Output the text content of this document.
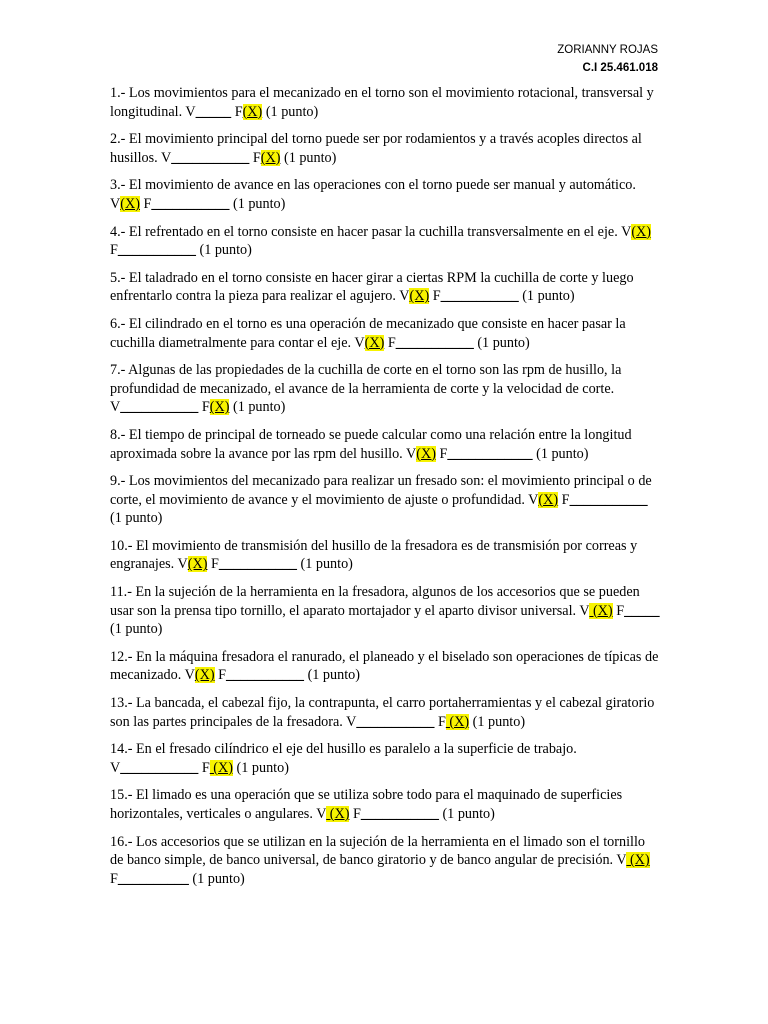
ZORIANNY ROJAS
C.I 25.461.018

1.- Los movimientos para el mecanizado en el torno son el movimiento rotacional, transversal y longitudinal. V_____ F(X) (1 punto)

2.- El movimiento principal del torno puede ser por rodamientos y a través acoples directos al husillos. V___________ F(X) (1 punto)

3.- El movimiento de avance en las operaciones con el torno puede ser manual y automático. V(X) F___________ (1 punto)

4.- El refrentado en el torno consiste en hacer pasar la cuchilla transversalmente en el eje. V(X) F___________ (1 punto)

5.- El taladrado en el torno consiste en hacer girar a ciertas RPM la cuchilla de corte y luego enfrentarlo contra la pieza para realizar el agujero. V(X) F___________ (1 punto)

6.- El cilindrado en el torno es una operación de mecanizado que consiste en hacer pasar la cuchilla diametralmente para contar el eje. V(X) F___________ (1 punto)

7.- Algunas de las propiedades de la cuchilla de corte en el torno son las rpm de husillo, la profundidad de mecanizado, el avance de la herramienta de corte y la velocidad de corte. V___________ F(X) (1 punto)

8.- El tiempo de principal de torneado se puede calcular como una relación entre la longitud aproximada sobre la avance por las rpm del husillo. V(X) F____________ (1 punto)

9.- Los movimientos del mecanizado para realizar un fresado son: el movimiento principal o de corte, el movimiento de avance y el movimiento de ajuste o profundidad. V(X) F___________ (1 punto)

10.- El movimiento de transmisión del husillo de la fresadora es de transmisión por correas y engranajes. V(X) F___________ (1 punto)

11.- En la sujeción de la herramienta en la fresadora, algunos de los accesorios que se pueden usar son la prensa tipo tornillo, el aparato mortajador y el aparto divisor universal. V (X) F_____ (1 punto)

12.- En la máquina fresadora el ranurado, el planeado y el biselado son operaciones de típicas de mecanizado. V(X) F___________ (1 punto)

13.- La bancada, el cabezal fijo, la contrapunta, el carro portaherramientas y el cabezal giratorio son las partes principales de la fresadora. V___________ F (X) (1 punto)

14.- En el fresado cilíndrico el eje del husillo es paralelo a la superficie de trabajo. V___________ F (X) (1 punto)

15.- El limado es una operación que se utiliza sobre todo para el maquinado de superficies horizontales, verticales o angulares. V (X) F___________ (1 punto)

16.- Los accesorios que se utilizan en la sujeción de la herramienta en el limado son el tornillo de banco simple, de banco universal, de banco giratorio y de banco angular de precisión. V (X) F__________ (1 punto)
